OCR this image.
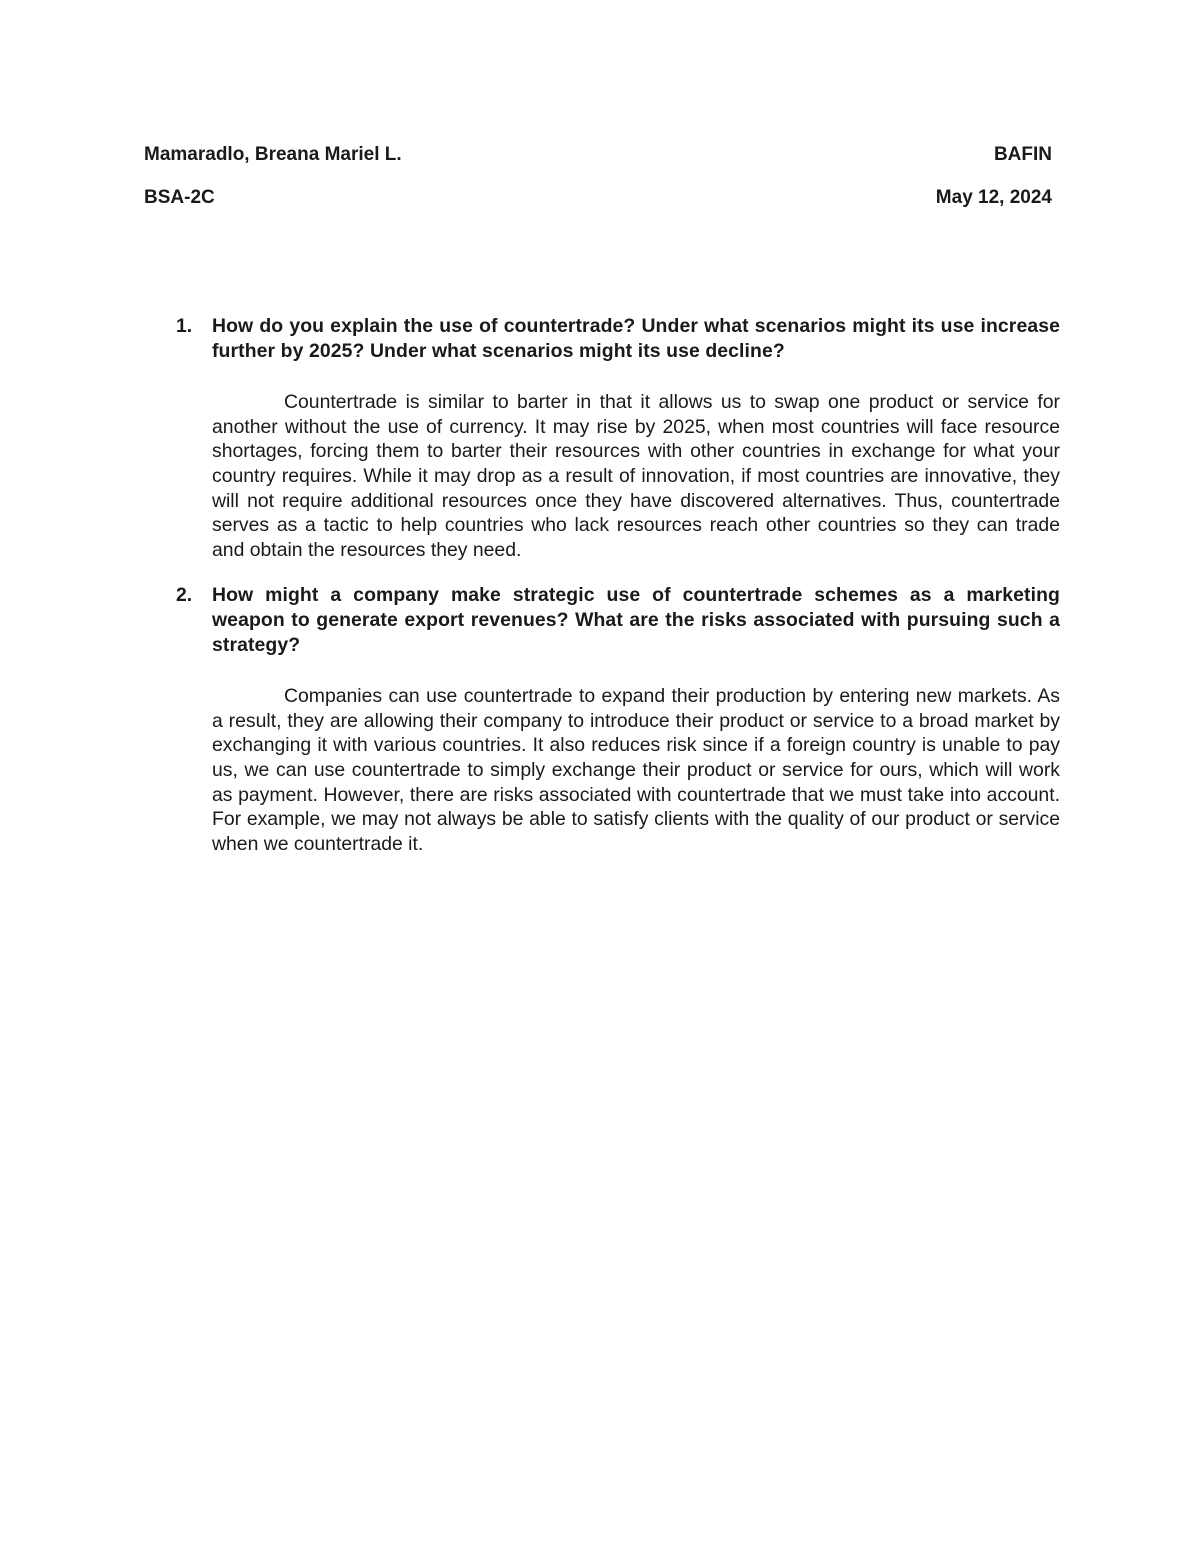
Mamaradlo, Breana Mariel L.	BAFIN
BSA-2C	May 12, 2024
1.	How do you explain the use of countertrade? Under what scenarios might its use increase further by 2025? Under what scenarios might its use decline?

Countertrade is similar to barter in that it allows us to swap one product or service for another without the use of currency. It may rise by 2025, when most countries will face resource shortages, forcing them to barter their resources with other countries in exchange for what your country requires. While it may drop as a result of innovation, if most countries are innovative, they will not require additional resources once they have discovered alternatives. Thus, countertrade serves as a tactic to help countries who lack resources reach other countries so they can trade and obtain the resources they need.

2.	How might a company make strategic use of countertrade schemes as a marketing weapon to generate export revenues? What are the risks associated with pursuing such a strategy?

Companies can use countertrade to expand their production by entering new markets. As a result, they are allowing their company to introduce their product or service to a broad market by exchanging it with various countries. It also reduces risk since if a foreign country is unable to pay us, we can use countertrade to simply exchange their product or service for ours, which will work as payment. However, there are risks associated with countertrade that we must take into account. For example, we may not always be able to satisfy clients with the quality of our product or service when we countertrade it.
